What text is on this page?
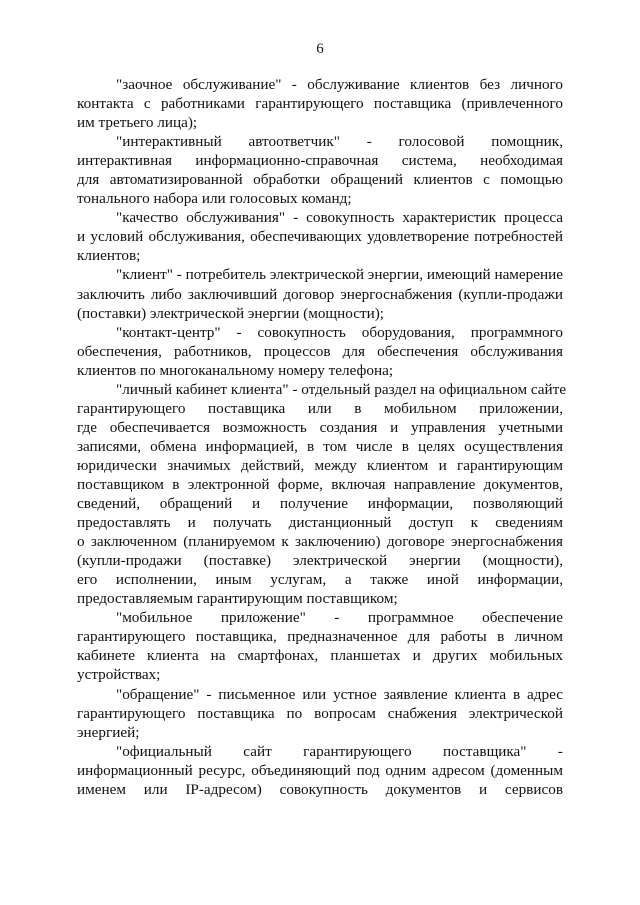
6
"заочное обслуживание" - обслуживание клиентов без личного
контакта с работниками гарантирующего поставщика (привлеченного
им третьего лица);
"интерактивный автоответчик" - голосовой помощник,
интерактивная информационно-справочная система, необходимая
для автоматизированной обработки обращений клиентов с помощью
тонального набора или голосовых команд;
"качество обслуживания" - совокупность характеристик процесса
и условий обслуживания, обеспечивающих удовлетворение потребностей
клиентов;
"клиент" - потребитель электрической энергии, имеющий намерение
заключить либо заключивший договор энергоснабжения (купли-продажи
(поставки) электрической энергии (мощности);
"контакт-центр" - совокупность оборудования, программного
обеспечения, работников, процессов для обеспечения обслуживания
клиентов по многоканальному номеру телефона;
"личный кабинет клиента" - отдельный раздел на официальном сайте
гарантирующего поставщика или в мобильном приложении,
где обеспечивается возможность создания и управления учетными
записями, обмена информацией, в том числе в целях осуществления
юридически значимых действий, между клиентом и гарантирующим
поставщиком в электронной форме, включая направление документов,
сведений, обращений и получение информации, позволяющий
предоставлять и получать дистанционный доступ к сведениям
о заключенном (планируемом к заключению) договоре энергоснабжения
(купли-продажи (поставке) электрической энергии (мощности),
его исполнении, иным услугам, а также иной информации,
предоставляемым гарантирующим поставщиком;
"мобильное приложение" - программное обеспечение
гарантирующего поставщика, предназначенное для работы в личном
кабинете клиента на смартфонах, планшетах и других мобильных
устройствах;
"обращение" - письменное или устное заявление клиента в адрес
гарантирующего поставщика по вопросам снабжения электрической
энергией;
"официальный сайт гарантирующего поставщика" -
информационный ресурс, объединяющий под одним адресом (доменным
именем или IP-адресом) совокупность документов и сервисов
